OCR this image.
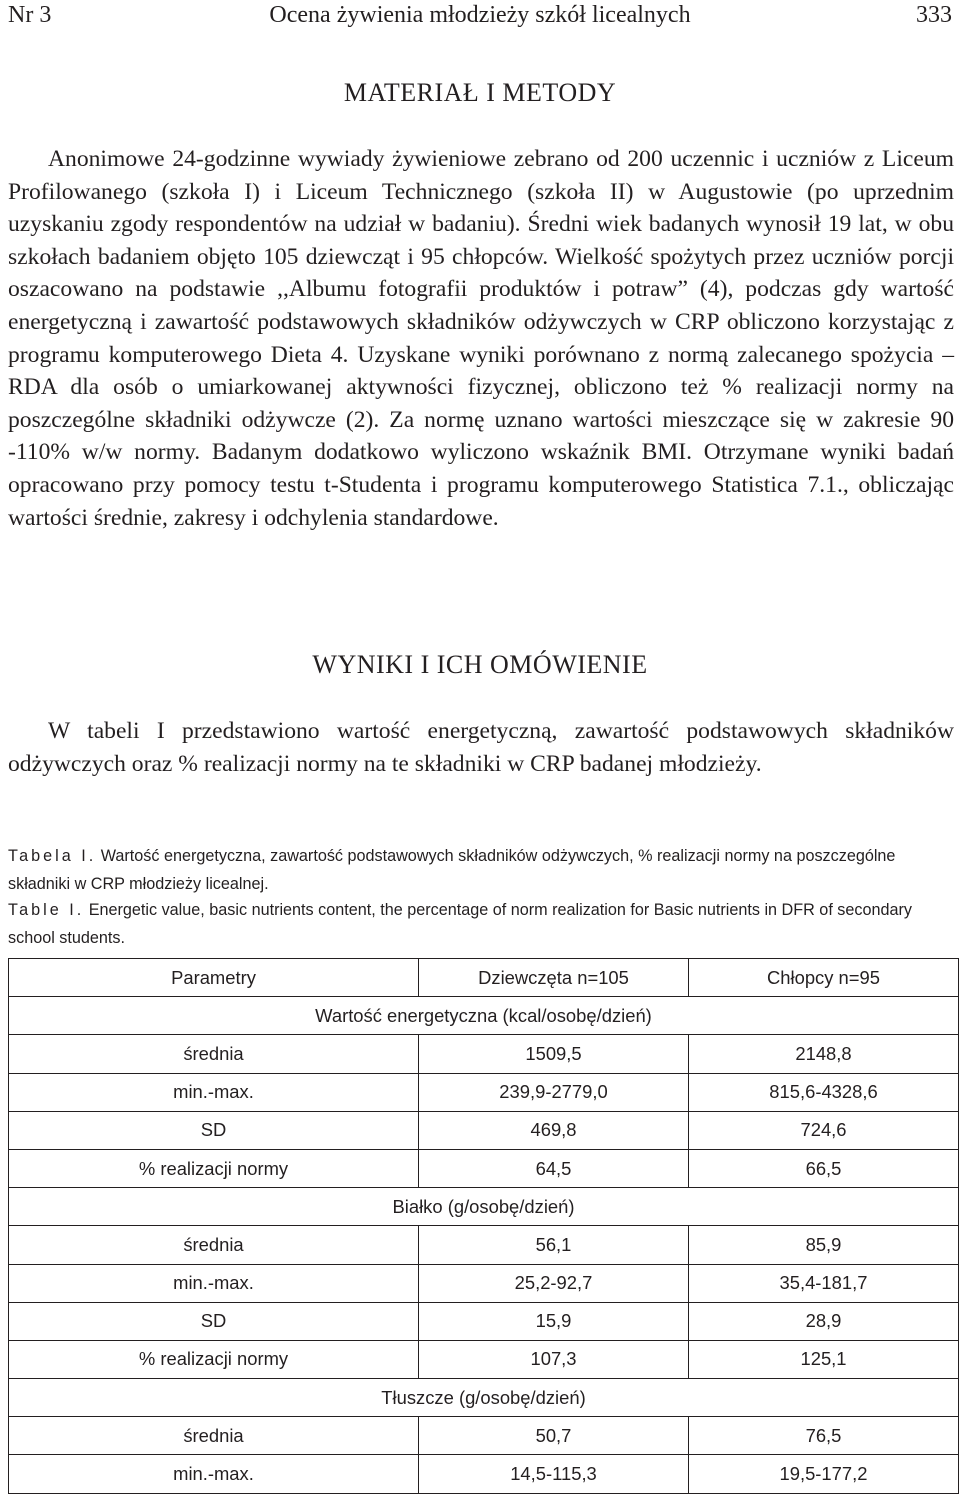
Nr 3	Ocena żywienia młodzieży szkół licealnych	333
MATERIAŁ I METODY

Anonimowe 24-godzinne wywiady żywieniowe zebrano od 200 uczennic i uczniów z Liceum Profilowanego (szkoła I) i Liceum Technicznego (szkoła II) w Augustowie (po uprzednim uzyskaniu zgody respondentów na udział w badaniu). Średni wiek badanych wynosił 19 lat, w obu szkołach badaniem objęto 105 dziewcząt i 95 chłopców. Wielkość spożytych przez uczniów porcji oszacowano na podstawie ,,Albumu fotografii produktów i potraw” (4), podczas gdy wartość energetyczną i zawartość podstawowych składników odżywczych w CRP obliczono korzystając z programu komputerowego Dieta 4. Uzyskane wyniki porównano z normą zalecanego spożycia – RDA dla osób o umiarkowanej aktywności fizycznej, obliczono też % realizacji normy na poszczególne składniki odżywcze (2). Za normę uznano wartości mieszczące się w zakresie 90 -110% w/w normy. Badanym dodatkowo wyliczono wskaźnik BMI. Otrzymane wyniki badań opracowano przy pomocy testu t-Studenta i programu komputerowego Statistica 7.1., obliczając wartości średnie, zakresy i odchylenia standardowe.

WYNIKI I ICH OMÓWIENIE

W tabeli I przedstawiono wartość energetyczną, zawartość podstawowych składników odżywczych oraz % realizacji normy na te składniki w CRP badanej młodzieży.

Tabela I. Wartość energetyczna, zawartość podstawowych składników odżywczych, % realizacji normy na poszczególne składniki w CRP młodzieży licealnej.

Table I. Energetic value, basic nutrients content, the percentage of norm realization for Basic nutrients in DFR of secondary school students.

Parametry	Dziewczęta n=105	Chłopcy n=95
Wartość energetyczna (kcal/osobę/dzień)		
średnia	1509,5	2148,8
min.-max.	239,9-2779,0	815,6-4328,6
SD	469,8	724,6
% realizacji normy	64,5	66,5
Białko (g/osobę/dzień)		
średnia	56,1	85,9
min.-max.	25,2-92,7	35,4-181,7
SD	15,9	28,9
% realizacji normy	107,3	125,1
Tłuszcze (g/osobę/dzień)		
średnia	50,7	76,5
min.-max.	14,5-115,3	19,5-177,2
